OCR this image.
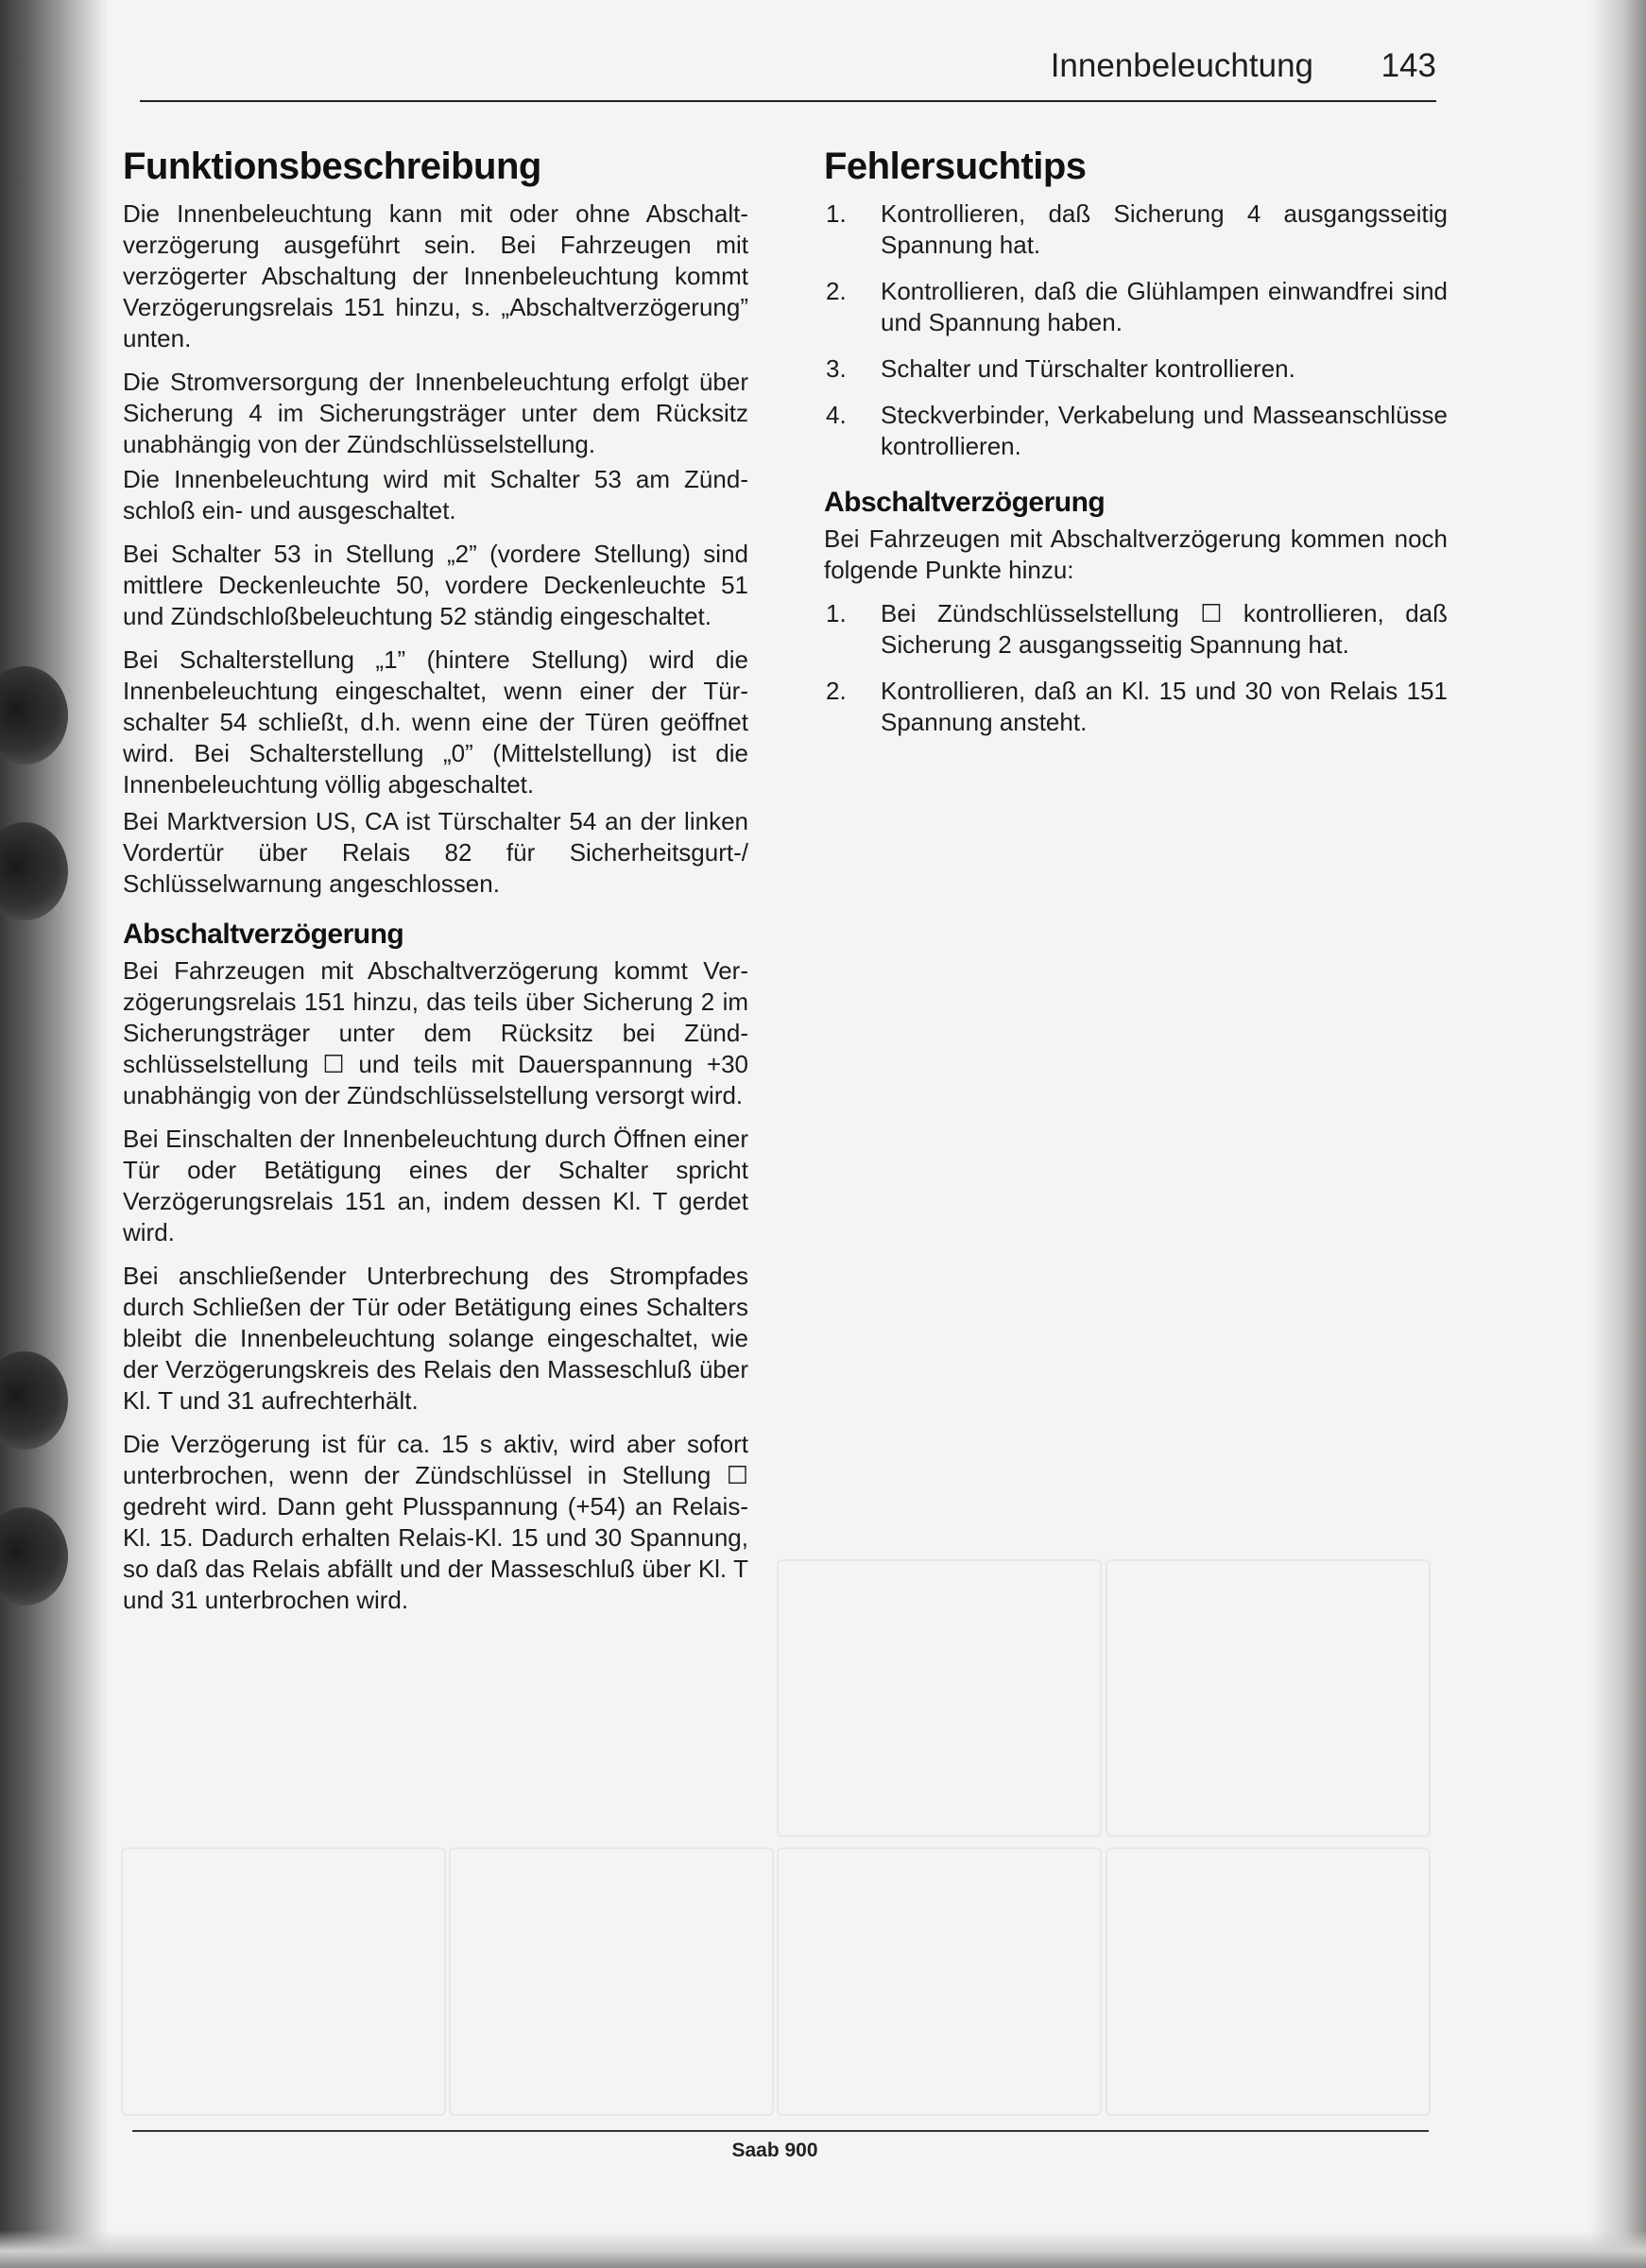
Innenbeleuchtung 143
Funktionsbeschreibung

Die Innenbeleuchtung kann mit oder ohne Abschaltverzögerung ausgeführt sein. Bei Fahrzeugen mit verzögerter Abschaltung der Innenbeleuchtung kommt Verzögerungsrelais 151 hinzu, s. „Abschaltverzögerung” unten.

Die Stromversorgung der Innenbeleuchtung erfolgt über Sicherung 4 im Sicherungsträger unter dem Rücksitz unabhängig von der Zündschlüsselstellung.

Die Innenbeleuchtung wird mit Schalter 53 am Zündschloß ein- und ausgeschaltet.

Bei Schalter 53 in Stellung „2” (vordere Stellung) sind mittlere Deckenleuchte 50, vordere Deckenleuchte 51 und Zündschloßbeleuchtung 52 ständig eingeschaltet.

Bei Schalterstellung „1” (hintere Stellung) wird die Innenbeleuchtung eingeschaltet, wenn einer der Türschalter 54 schließt, d.h. wenn eine der Türen geöffnet wird. Bei Schalterstellung „0” (Mittelstellung) ist die Innenbeleuchtung völlig abgeschaltet.

Bei Marktversion US, CA ist Türschalter 54 an der linken Vordertür über Relais 82 für Sicherheitsgurt-/ Schlüsselwarnung angeschlossen.

Abschaltverzögerung

Bei Fahrzeugen mit Abschaltverzögerung kommt Verzögerungsrelais 151 hinzu, das teils über Sicherung 2 im Sicherungsträger unter dem Rücksitz bei Zündschlüsselstellung ☐ und teils mit Dauerspannung +30 unabhängig von der Zündschlüsselstellung versorgt wird.

Bei Einschalten der Innenbeleuchtung durch Öffnen einer Tür oder Betätigung eines der Schalter spricht Verzögerungsrelais 151 an, indem dessen Kl. T gerdet wird.

Bei anschließender Unterbrechung des Strompfades durch Schließen der Tür oder Betätigung eines Schalters bleibt die Innenbeleuchtung solange eingeschaltet, wie der Verzögerungskreis des Relais den Masseschluß über Kl. T und 31 aufrechterhält.

Die Verzögerung ist für ca. 15 s aktiv, wird aber sofort unterbrochen, wenn der Zündschlüssel in Stellung ☐ gedreht wird. Dann geht Plusspannung (+54) an Relais-Kl. 15. Dadurch erhalten Relais-Kl. 15 und 30 Spannung, so daß das Relais abfällt und der Masseschluß über Kl. T und 31 unterbrochen wird.

Fehlersuchtips
1. Kontrollieren, daß Sicherung 4 ausgangsseitig Spannung hat.
2. Kontrollieren, daß die Glühlampen einwandfrei sind und Spannung haben.
3. Schalter und Türschalter kontrollieren.
4. Steckverbinder, Verkabelung und Masseanschlüsse kontrollieren.
Abschaltverzögerung

Bei Fahrzeugen mit Abschaltverzögerung kommen noch folgende Punkte hinzu:

1. Bei Zündschlüsselstellung ☐ kontrollieren, daß Sicherung 2 ausgangsseitig Spannung hat.
2. Kontrollieren, daß an Kl. 15 und 30 von Relais 151 Spannung ansteht.
Saab 900
